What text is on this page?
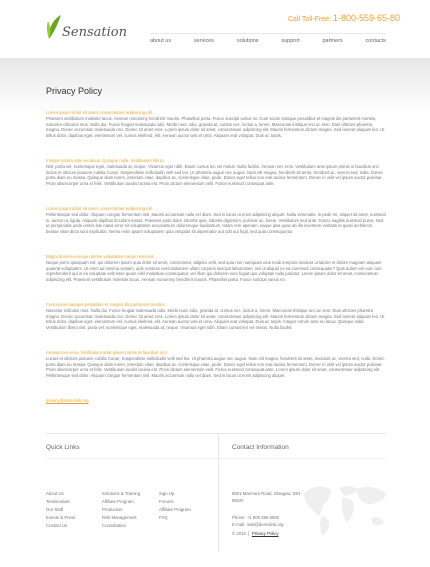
Sensation
Call Toll-Free: 1-800-559-65-80
about us	services	solutions	support	partners	contacts
Privacy Policy
Lorem ipsum dolor sit amet, consectetuer adipiscing elit.
Praesent vestibulum molestie lacus. Aenean nonummy hendrerit mauris. Phasellus porta. Fusce suscipit varius mi. Cum sociis natoque penatibus et magnis dis parturient montes, nascetur ridiculus mus. Nulla dui. Fusce feugiat malesuada odio. Morbi nunc odio, gravida at, cursus nec, luctus a, lorem. Maecenas tristique orci ac sem. Duis ultricies pharetra magna. Donec accumsan malesuada orci. Donec sit amet eros. Lorem ipsum dolor sit amet, consectetuer adipiscing elit. Mauris fermentum dictum magna. Sed laoreet aliquam leo. Ut tellus dolor, dapibus eget, elementum vel, cursus eleifend, elit. Aenean auctor wisi et urna. Aliquam erat volutpat. Duis ac turpis.
Integer rutrum ante eu lacus. Quisque nulla. Vestibulum libero.
Nisl, porta vel, scelerisque eget, malesuada at, neque. Vivamus eget nibh. Etiam cursus leo vel metus. Nulla facilisi. Aenean nec eros. Vestibulum ante ipsum primis in faucibus orci luctus et ultrices posuere cubilia Curae; Suspendisse sollicitudin velit sed leo. Ut pharetra augue nec augue. Nam elit magna, hendrerit sit amet, tincidunt ac, viverra sed, nulla. Donec porta diam eu massa. Quisque diam lorem, interdum vitae, dapibus ac, scelerisque vitae, pede. Donec eget tellus non erat lacinia fermentum. Donec in velit vel ipsum auctor pulvinar. Proin ullamcorper urna et felis. Vestibulum iaculis lacinia est. Proin dictum elementum velit. Fusce euismod consequat ante.
Lorem ipsum dolor sit amet, consectetuer adipiscing elit.
Pellentesque sed dolor. Aliquam congue fermentum nisl. Mauris accumsan nulla vel diam. Sed in lacus ut enim adipiscing aliquet. Nulla venenatis. In pede mi, aliquet sit amet, euismod in, auctor ut, ligula. Aliquam dapibus tincidunt metus. Praesent justo dolor, lobortis quis, lobortis dignissim, pulvinar ac, lorem. Vestibulum sed ante. Donec sagittis euismod purus. Sed ut perspiciatis unde omnis iste natus error sit voluptatem accusantium doloremque laudantium, totam rem aperiam, eaque ipsa quae ab illo inventore veritatis et quasi architecto beatae vitae dicta sunt explicabo. Nemo enim ipsam voluptatem quia voluptas sit aspernatur aut odit aut fugit, sed quia consequuntur.
Magni dolores eos qui ratione voluptatem sequi nesciunt.
Neque porro quisquam est, qui dolorem ipsum quia dolor sit amet, consectetur, adipisci velit, sed quia non numquam eius modi tempora incidunt ut labore et dolore magnam aliquam quaerat voluptatem. Ut enim ad minima veniam, quis nostrum exercitationem ullam corporis suscipit laboriosam, nisi ut aliquid ex ea commodi consequatur? Quis autem vel eum iure reprehenderit qui in ea voluptate velit esse quam nihil molestiae consequatur, vel illum qui dolorem eum fugiat quo voluptas nulla pariatur. Lorem ipsum dolor sit amet, consectetuer adipiscing elit. Praesent vestibulum molestie lacus. Aenean nonummy hendrerit mauris. Phasellus porta. Fusce suscipit varius mi.
Cum sociis natoque penatibus et magnis dis parturient montes.
Nascetur ridiculus mus. Nulla dui. Fusce feugiat malesuada odio. Morbi nunc odio, gravida at, cursus nec, luctus a, lorem. Maecenas tristique orci ac sem. Duis ultricies pharetra magna. Donec accumsan malesuada orci. Donec sit amet eros. Lorem ipsum dolor sit amet, consectetuer adipiscing elit. Mauris fermentum dictum magna. Sed laoreet aliquam leo. Ut tellus dolor, dapibus eget, elementum vel, cursus eleifend, elit. Aenean auctor wisi et urna. Aliquam erat volutpat. Duis ac turpis. Integer rutrum ante eu lacus. Quisque nulla. Vestibulum libero nisl, porta vel, scelerisque eget, malesuada at, neque. Vivamus eget nibh. Etiam cursus leo vel metus. Nulla facilisi.
Aenean nec eros. Vestibulum ante ipsum primis in faucibus orci.
Luctus et ultrices posuere cubilia Curae; Suspendisse sollicitudin velit sed leo. Ut pharetra augue nec augue. Nam elit magna, hendrerit sit amet, tincidunt ac, viverra sed, nulla. Donec porta diam eu massa. Quisque diam lorem, interdum vitae, dapibus ac, scelerisque vitae, pede. Donec eget tellus non erat lacinia fermentum. Donec in velit vel ipsum auctor pulvinar. Proin ullamcorper urna et felis. Vestibulum iaculis lacinia est. Proin dictum elementum velit. Fusce euismod consequat ante. Lorem ipsum dolor sit amet, consectetuer adipiscing elit. Pellentesque sed dolor. Aliquam congue fermentum nisl. Mauris accumsan nulla vel diam. Sed in lacus ut enim adipiscing aliquet.
privacy@demolink.org
Quick Links	Contact Information
About Us
Testimonials
Our Staff
Events & Press
Contact Us
Solutions & Training
Affiliate Program
Production
Risk Management
Consultation
Sign Up
Forums
Affiliate Program
FAQ
8901 Marmora Road, Glasgow, D04 89GR.
Phone: +1 800 559 6580
E-mail: mail@demolink.org
© 2012  |  Privacy Policy
